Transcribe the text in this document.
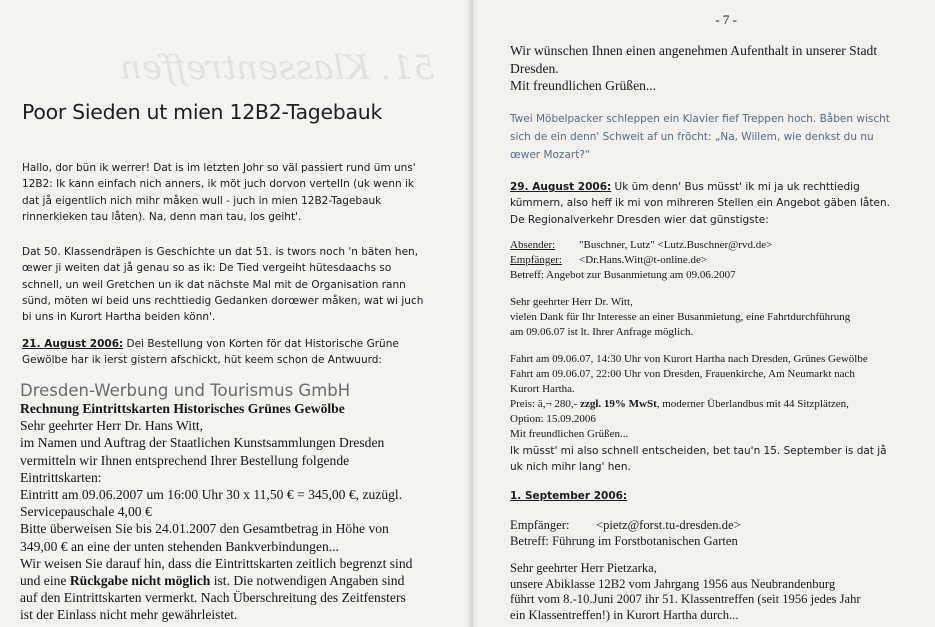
51. Klassentreffen
Poor Sieden ut mien 12B2-Tagebauk
Hallo, dor bün ik werrer! Dat is im letzten Johr so väl passiert rund üm uns'
12B2: Ik kann einfach nich anners, ik möt juch dorvon verteIIn (uk wenn ik
dat jå eigentlich nich mihr måken wull - juch in mien 12B2-Tagebauk
rinnerkieken tau låten). Na, denn man tau, los geiht'.
Dat 50. Klassendräpen is Geschichte un dat 51. is twors noch 'n bäten hen,
œwer ji weiten dat jå genau so as ik: De Tied vergeiht hütesdaachs so
schnell, un weil Gretchen un ik dat nächste Mal mit de Organisation rann
sünd, möten wi beid uns rechttiedig Gedanken dorœwer måken, wat wi juch
bi uns in Kurort Hartha beiden könn'.
21. August 2006: Dei Bestellung von Korten för dat Historische Grüne
Gewölbe har ik ierst gistern afschickt, hüt keem schon de Antwuurd:
Dresden-Werbung und Tourismus GmbH
Rechnung Eintrittskarten Historisches Grünes Gewölbe
Sehr geehrter Herr Dr. Hans Witt,
im Namen und Auftrag der Staatlichen Kunstsammlungen Dresden
vermitteln wir Ihnen entsprechend Ihrer Bestellung folgende
Eintrittskarten:
Eintritt am 09.06.2007 um 16:00 Uhr 30 x 11,50 € = 345,00 €, zuzügl.
Servicepauschale 4,00 €
Bitte überweisen Sie bis 24.01.2007 den Gesamtbetrag in Höhe von
349,00 € an eine der unten stehenden Bankverbindungen...
Wir weisen Sie darauf hin, dass die Eintrittskarten zeitlich begrenzt sind
und eine Rückgabe nicht möglich ist. Die notwendigen Angaben sind
auf den Eintrittskarten vermerkt. Nach Überschreitung des Zeitfensters
ist der Einlass nicht mehr gewährleistet.
- 7 -
Wir wünschen Ihnen einen angenehmen Aufenthalt in unserer Stadt
Dresden.
Mit freundlichen Grüßen...
Twei Möbelpacker schleppen ein Klavier fief Treppen hoch. Båben wischt
sich de ein denn' Schweit af un frõcht: „Na, Willem, wie denkst du nu
œwer Mozart?“
29. August 2006: Uk üm denn' Bus müsst' ik mi ja uk rechttiedig
kümmern, also heff ik mi von mihreren Stellen ein Angebot gäben låten.
De Regionalverkehr Dresden wier dat günstigste:
Absender: "Buschner, Lutz" <Lutz.Buschner@rvd.de>
Empfänger: <Dr.Hans.Witt@t-online.de>
Betreff: Angebot zur Busanmietung am 09.06.2007
Sehr geehrter Herr Dr. Witt,
vielen Dank für Ihr Interesse an einer Busanmietung, eine Fahrtdurchführung
am 09.06.07 ist lt. Ihrer Anfrage möglich.
Fahrt am 09.06.07, 14:30 Uhr von Kurort Hartha nach Dresden, Grünes Gewölbe
Fahrt am 09.06.07, 22:00 Uhr von Dresden, Frauenkirche, Am Neumarkt nach
Kurort Hartha.
Preis: ä,¬ 280,- zzgl. 19% MwSt, moderner Überlandbus mit 44 Sitzplätzen,
Option: 15.09.2006
Mit freundlichen Grüßen...
Ik müsst' mi also schnell entscheiden, bet tau'n 15. September is dat jå
uk nich mihr lang' hen.
1. September 2006:
Empfänger: <pietz@forst.tu-dresden.de>
Betreff: Führung im Forstbotanischen Garten
Sehr geehrter Herr Pietzarka,
unsere Abiklasse 12B2 vom Jahrgang 1956 aus Neubrandenburg
führt vom 8.-10.Juni 2007 ihr 51. Klassentreffen (seit 1956 jedes Jahr
ein Klassentreffen!) in Kurort Hartha durch...
